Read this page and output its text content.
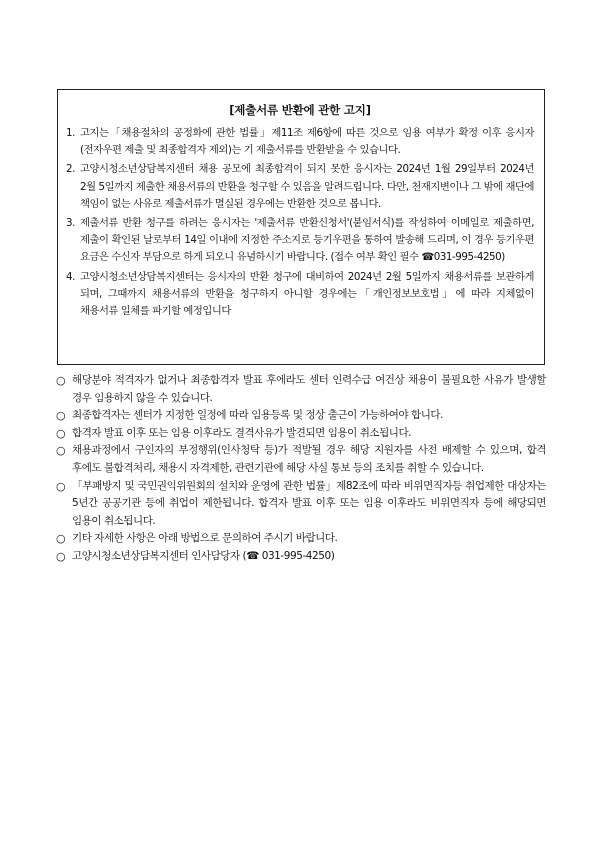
[제출서류 반환에 관한 고지]
1. 고지는「채용절차의 공정화에 관한 법률」제11조 제6항에 따른 것으로 임용 여부가 확정 이후 응시자(전자우편 제출 및 최종합격자 제외)는 기 제출서류를 반환받을 수 있습니다.
2. 고양시청소년상담복지센터 채용 공모에 최종합격이 되지 못한 응시자는 2024년 1월 29일부터 2024년 2월 5일까지 제출한 채용서류의 반환을 청구할 수 있음을 알려드립니다. 다만, 천재지변이나 그 밖에 재단에 책임이 없는 사유로 제출서류가 멸실된 경우에는 반환한 것으로 봅니다.
3. 제출서류 반환 청구를 하려는 응시자는 '제출서류 반환신청서'(붙임서식)를 작성하여 이메일로 제출하면, 제출이 확인된 날로부터 14일 이내에 지정한 주소지로 등기우편을 통하여 발송해 드리며, 이 경우 등기우편 요금은 수신자 부담으로 하게 되오니 유념하시기 바랍니다. (접수 여부 확인 필수 ☎031-995-4250)
4. 고양시청소년상담복지센터는 응시자의 반환 청구에 대비하여 2024년 2월 5일까지 채용서류를 보관하게 되며, 그때까지 채용서류의 반환을 청구하지 아니할 경우에는「개인정보보호법」에 따라 지체없이 채용서류 일체를 파기할 예정입니다
○ 해당분야 적격자가 없거나 최종합격자 발표 후에라도 센터 인력수급 여건상 채용이 불필요한 사유가 발생할 경우 임용하지 않을 수 있습니다.
○ 최종합격자는 센터가 지정한 일정에 따라 임용등록 및 정상 출근이 가능하여야 합니다.
○ 합격자 발표 이후 또는 임용 이후라도 결격사유가 발견되면 임용이 취소됩니다.
○ 채용과정에서 구인자의 부정행위(인사청탁 등)가 적발될 경우 해당 지원자를 사전 배제할 수 있으며, 합격 후에도 불합격처리, 채용시 자격제한, 관련기관에 해당 사실 통보 등의 조치를 취할 수 있습니다.
○ 「부패방지 및 국민권익위원회의 설치와 운영에 관한 법률」제82조에 따라 비위면직자등 취업제한 대상자는 5년간 공공기관 등에 취업이 제한됩니다. 합격자 발표 이후 또는 임용 이후라도 비위면직자 등에 해당되면 임용이 취소됩니다.
○ 기타 자세한 사항은 아래 방법으로 문의하여 주시기 바랍니다.
○ 고양시청소년상담복지센터 인사담당자 (☎ 031-995-4250)
